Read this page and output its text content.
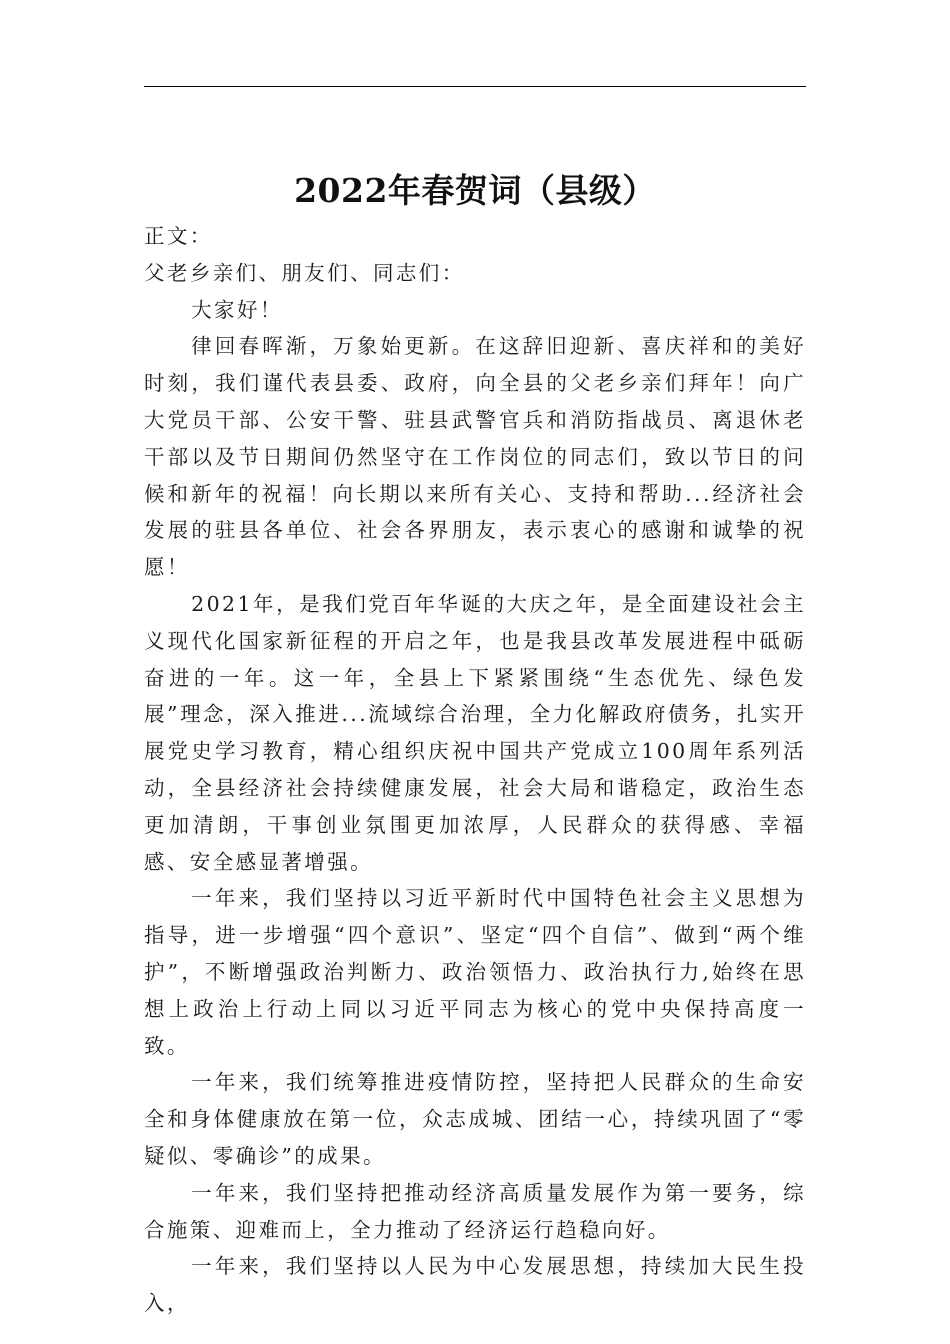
2022年春贺词（县级）

正文：

父老乡亲们、朋友们、同志们：

大家好！

律回春晖渐，万象始更新。在这辞旧迎新、喜庆祥和的美好时刻，我们谨代表县委、政府，向全县的父老乡亲们拜年！向广大党员干部、公安干警、驻县武警官兵和消防指战员、离退休老干部以及节日期间仍然坚守在工作岗位的同志们，致以节日的问候和新年的祝福！向长期以来所有关心、支持和帮助...经济社会发展的驻县各单位、社会各界朋友，表示衷心的感谢和诚挚的祝愿！

2021年，是我们党百年华诞的大庆之年，是全面建设社会主义现代化国家新征程的开启之年，也是我县改革发展进程中砥砺奋进的一年。这一年，全县上下紧紧围绕“生态优先、绿色发展”理念，深入推进...流域综合治理，全力化解政府债务，扎实开展党史学习教育，精心组织庆祝中国共产党成立100周年系列活动，全县经济社会持续健康发展，社会大局和谐稳定，政治生态更加清朗，干事创业氛围更加浓厚，人民群众的获得感、幸福感、安全感显著增强。

一年来，我们坚持以习近平新时代中国特色社会主义思想为指导，进一步增强“四个意识”、坚定“四个自信”、做到“两个维护”，不断增强政治判断力、政治领悟力、政治执行力,始终在思想上政治上行动上同以习近平同志为核心的党中央保持高度一致。

一年来，我们统筹推进疫情防控，坚持把人民群众的生命安全和身体健康放在第一位，众志成城、团结一心，持续巩固了“零疑似、零确诊”的成果。

一年来，我们坚持把推动经济高质量发展作为第一要务，综合施策、迎难而上，全力推动了经济运行趋稳向好。

一年来，我们坚持以人民为中心发展思想，持续加大民生投入，
